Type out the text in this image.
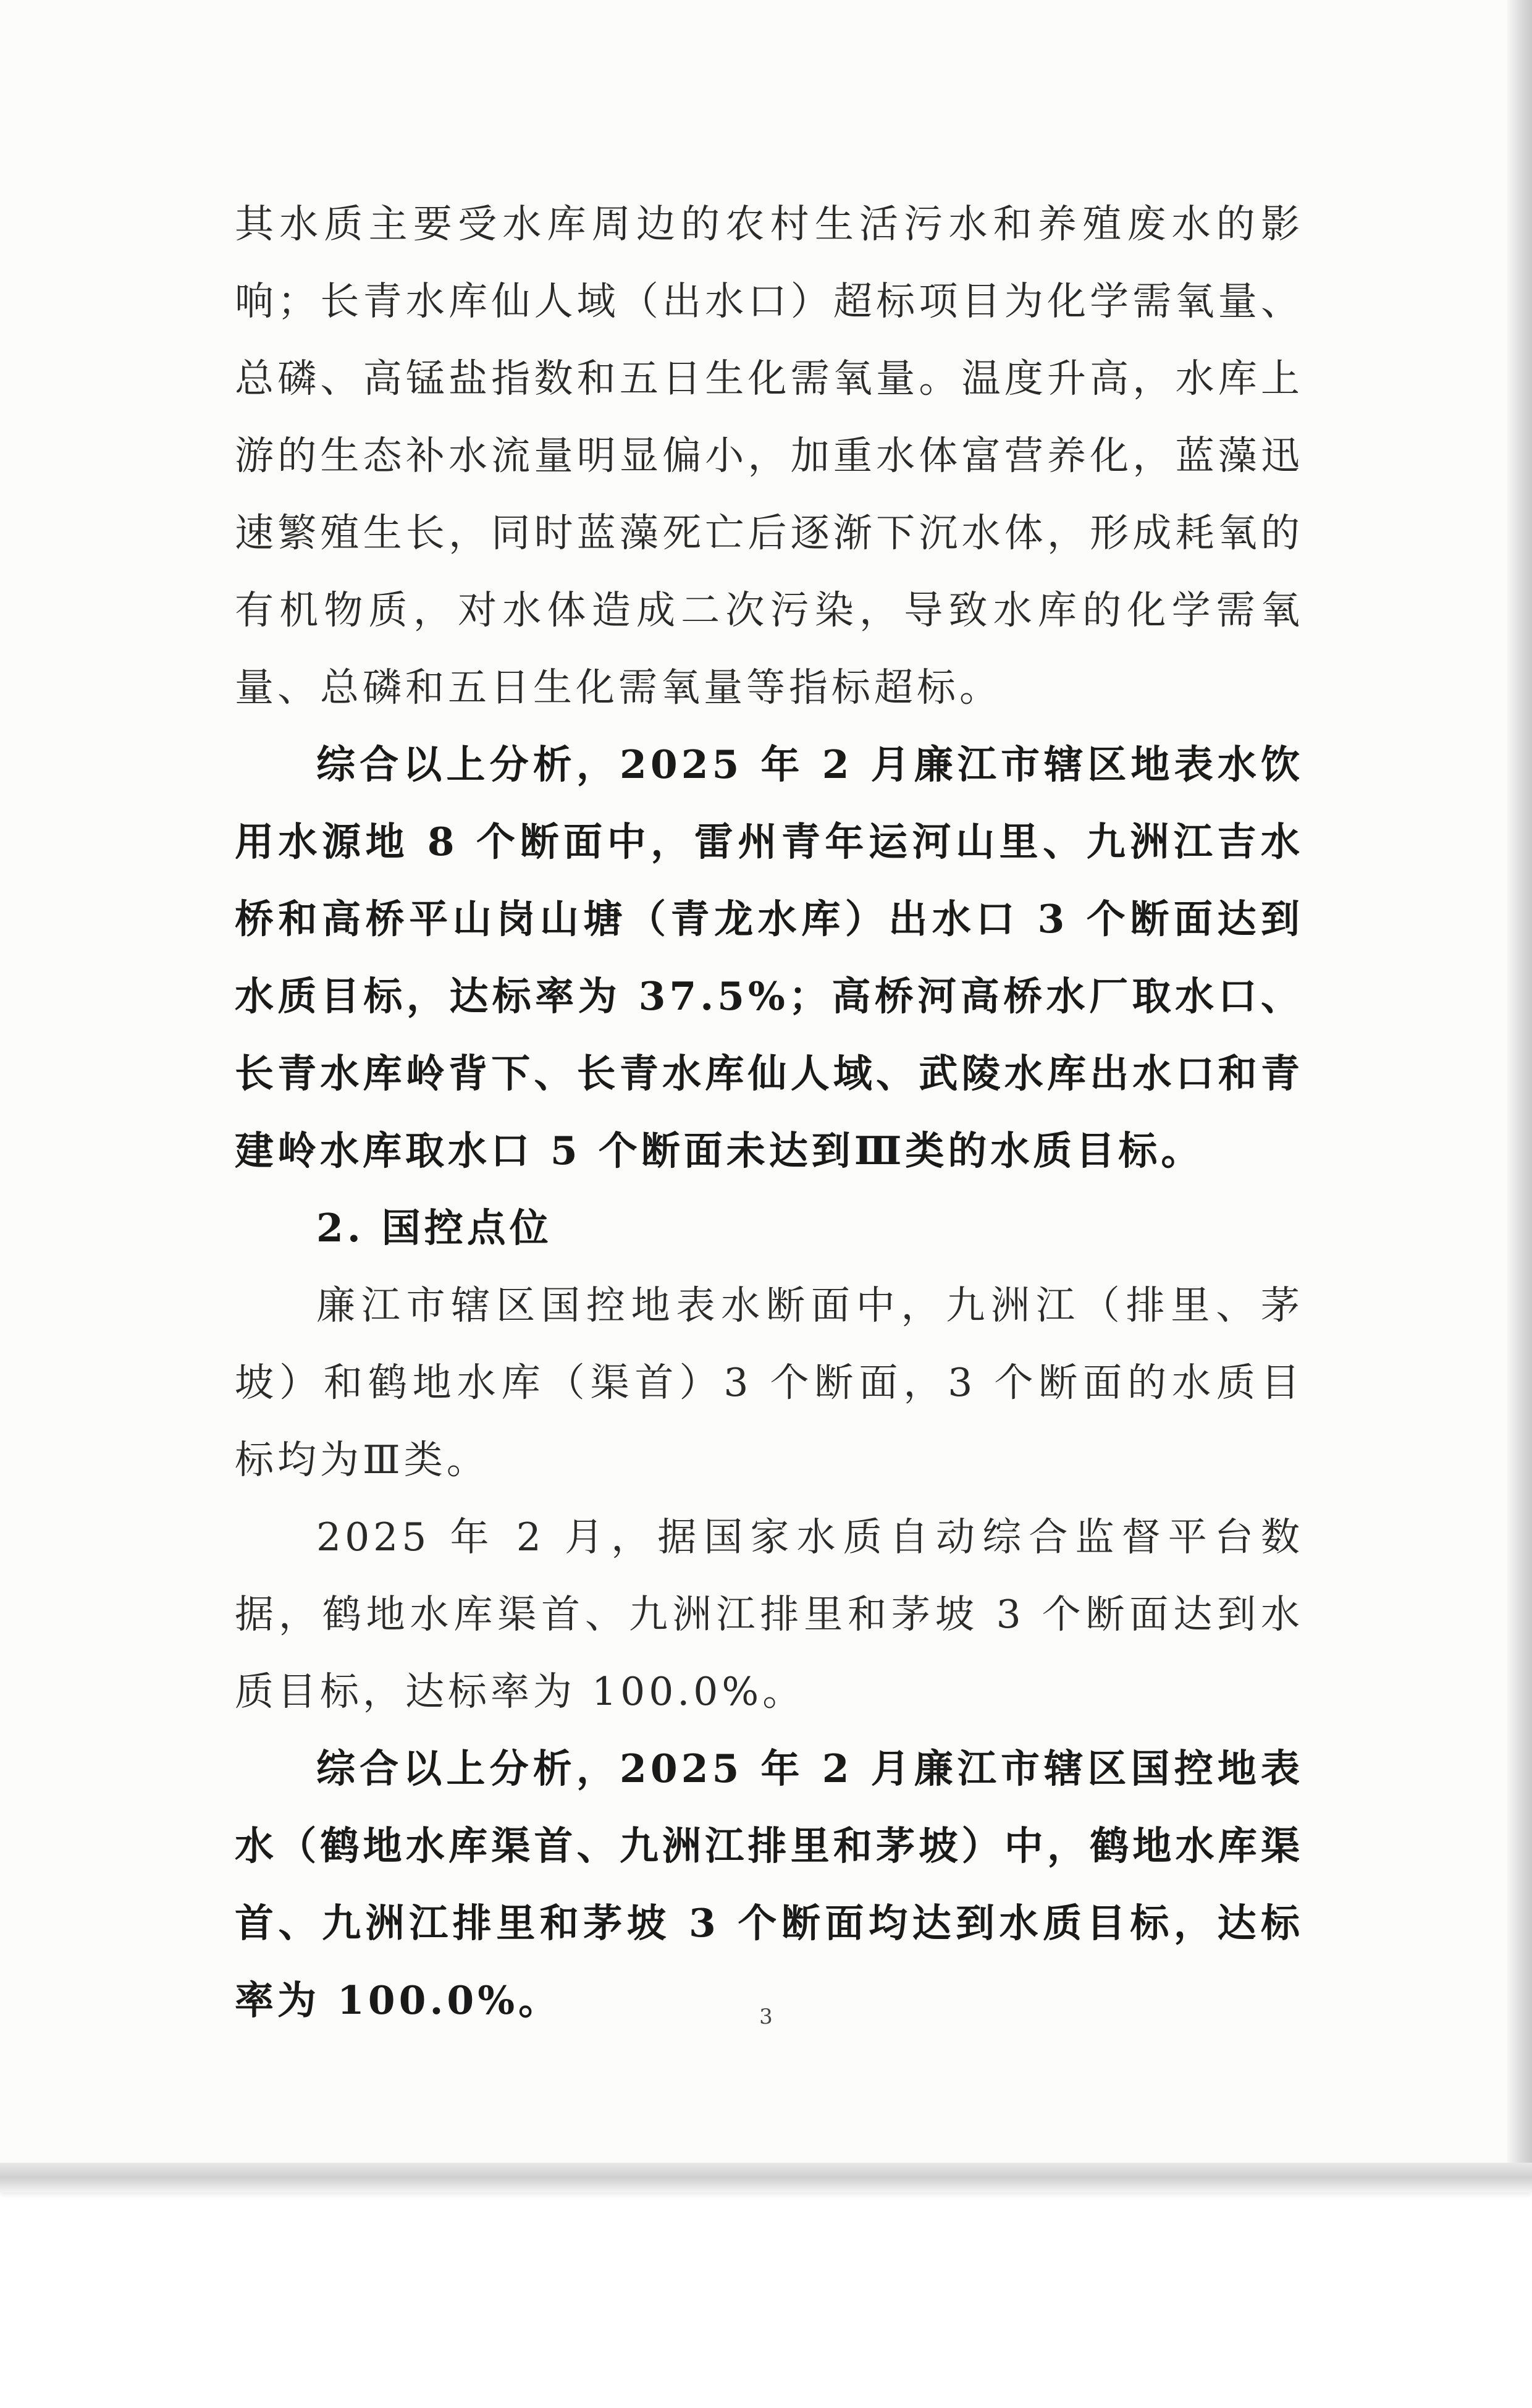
其水质主要受水库周边的农村生活污水和养殖废水的影响；长青水库仙人域（出水口）超标项目为化学需氧量、总磷、高锰盐指数和五日生化需氧量。温度升高，水库上游的生态补水流量明显偏小，加重水体富营养化，蓝藻迅速繁殖生长，同时蓝藻死亡后逐渐下沉水体，形成耗氧的有机物质，对水体造成二次污染，导致水库的化学需氧量、总磷和五日生化需氧量等指标超标。

综合以上分析，2025 年 2 月廉江市辖区地表水饮用水源地 8 个断面中，雷州青年运河山里、九洲江吉水桥和高桥平山岗山塘（青龙水库）出水口 3 个断面达到水质目标，达标率为 37.5%；高桥河高桥水厂取水口、长青水库岭背下、长青水库仙人域、武陵水库出水口和青建岭水库取水口 5 个断面未达到Ⅲ类的水质目标。

2. 国控点位

廉江市辖区国控地表水断面中，九洲江（排里、茅坡）和鹤地水库（渠首）3 个断面，3 个断面的水质目标均为Ⅲ类。

2025 年 2 月，据国家水质自动综合监督平台数据，鹤地水库渠首、九洲江排里和茅坡 3 个断面达到水质目标，达标率为 100.0%。

综合以上分析，2025 年 2 月廉江市辖区国控地表水（鹤地水库渠首、九洲江排里和茅坡）中，鹤地水库渠首、九洲江排里和茅坡 3 个断面均达到水质目标，达标率为 100.0%。	3
